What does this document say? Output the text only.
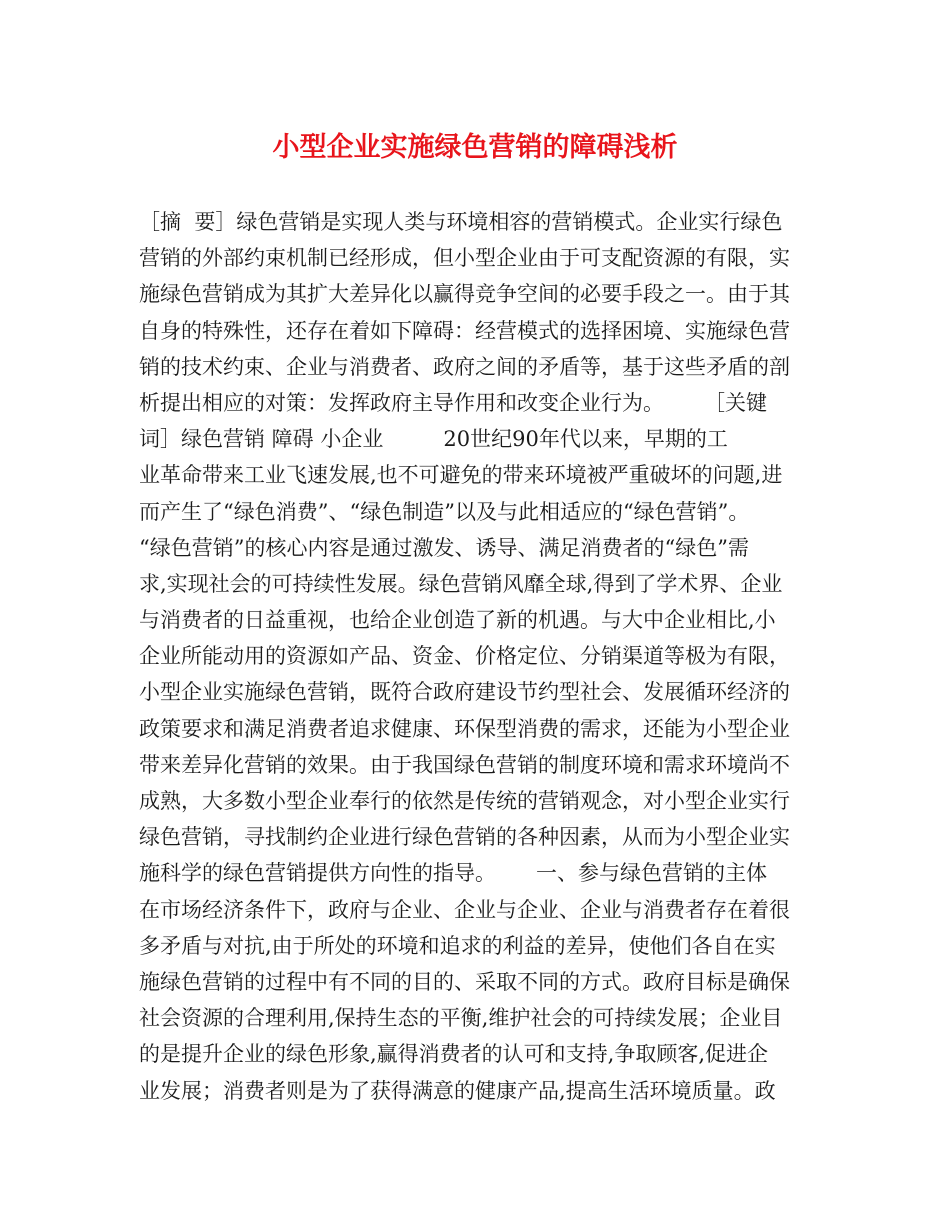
小型企业实施绿色营销的障碍浅析
［摘  要］绿色营销是实现人类与环境相容的营销模式。企业实行绿色
营销的外部约束机制已经形成，但小型企业由于可支配资源的有限，实
施绿色营销成为其扩大差异化以赢得竞争空间的必要手段之一。由于其
自身的特殊性，还存在着如下障碍：经营模式的选择困境、实施绿色营
销的技术约束、企业与消费者、政府之间的矛盾等，基于这些矛盾的剖
析提出相应的对策：发挥政府主导作用和改变企业行为。      ［关键
词］绿色营销 障碍 小企业         20世纪90年代以来，早期的工
业革命带来工业飞速发展,也不可避免的带来环境被严重破坏的问题,进
而产生了“绿色消费”、“绿色制造”以及与此相适应的“绿色营销”。
“绿色营销”的核心内容是通过激发、诱导、满足消费者的“绿色”需
求,实现社会的可持续性发展。绿色营销风靡全球,得到了学术界、企业
与消费者的日益重视，也给企业创造了新的机遇。与大中企业相比,小
企业所能动用的资源如产品、资金、价格定位、分销渠道等极为有限，
小型企业实施绿色营销，既符合政府建设节约型社会、发展循环经济的
政策要求和满足消费者追求健康、环保型消费的需求，还能为小型企业
带来差异化营销的效果。由于我国绿色营销的制度环境和需求环境尚不
成熟，大多数小型企业奉行的依然是传统的营销观念，对小型企业实行
绿色营销，寻找制约企业进行绿色营销的各种因素，从而为小型企业实
施科学的绿色营销提供方向性的指导。      一、参与绿色营销的主体
在市场经济条件下，政府与企业、企业与企业、企业与消费者存在着很
多矛盾与对抗,由于所处的环境和追求的利益的差异，使他们各自在实
施绿色营销的过程中有不同的目的、采取不同的方式。政府目标是确保
社会资源的合理利用,保持生态的平衡,维护社会的可持续发展；企业目
的是提升企业的绿色形象,赢得消费者的认可和支持,争取顾客,促进企
业发展；消费者则是为了获得满意的健康产品,提高生活环境质量。政
